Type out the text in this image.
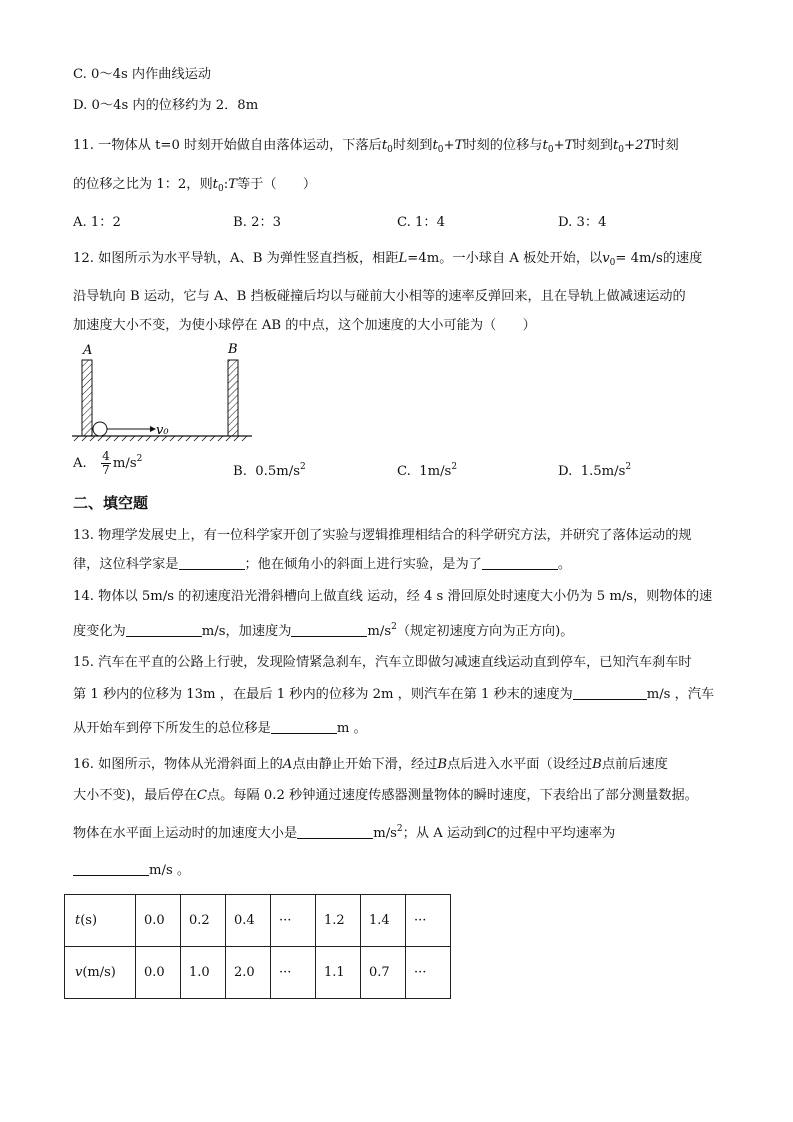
C. 0～4s 内作曲线运动
D. 0～4s 内的位移约为 2．8m
11. 一物体从 t=0 时刻开始做自由落体运动，下落后$t_0$时刻到$t_0+T$时刻的位移与$t_0+T$时刻到$t_0+2T$时刻
的位移之比为 1：2，则$t_0:T$等于（　　）
A. 1：2	B. 2：3	C. 1：4	D. 3：4
12. 如图所示为水平导轨，A、B 为弹性竖直挡板，相距L=4m。一小球自 A 板处开始，以$v_0= 4m/s$的速度
沿导轨向 B 运动，它与 A、B 挡板碰撞后均以与碰前大小相等的速率反弹回来，且在导轨上做减速运动的
加速度大小不变，为使小球停在 AB 的中点，这个加速度的大小可能为（　　）
A	B
v₀
A. $\frac{4}{7} m/s^2$
B. $0.5m/s^2$	C. $1m/s^2$	D. $1.5m/s^2$
二、填空题
13. 物理学发展史上，有一位科学家开创了实验与逻辑推理相结合的科学研究方法，并研究了落体运动的规
律，这位科学家是	；他在倾角小的斜面上进行实验，是为了	。
14. 物体以 5m/s 的初速度沿光滑斜槽向上做直线 运动，经 4 s 滑回原处时速度大小仍为 5 m/s，则物体的速
度变化为	m/s，加速度为	$m/s^2$（规定初速度方向为正方向)。
15. 汽车在平直的公路上行驶，发现险情紧急刹车，汽车立即做匀减速直线运动直到停车，已知汽车刹车时
第 1 秒内的位移为 13m ，在最后 1 秒内的位移为 2m ，则汽车在第 1 秒末的速度为	m/s ，汽车
从开始车到停下所发生的总位移是	m 。
16. 如图所示，物体从光滑斜面上的A点由静止开始下滑，经过B点后进入水平面（设经过B点前后速度
大小不变)，最后停在C点。每隔 0.2 秒钟通过速度传感器测量物体的瞬时速度，下表给出了部分测量数据。
物体在水平面上运动时的加速度大小是	$m/s^2$；从 A 运动到C的过程中平均速率为
m/s 。
t(s)	0.0	0.2	0.4	···	1.2	1.4	···
v(m/s)	0.0	1.0	2.0	···	1.1	0.7	···
